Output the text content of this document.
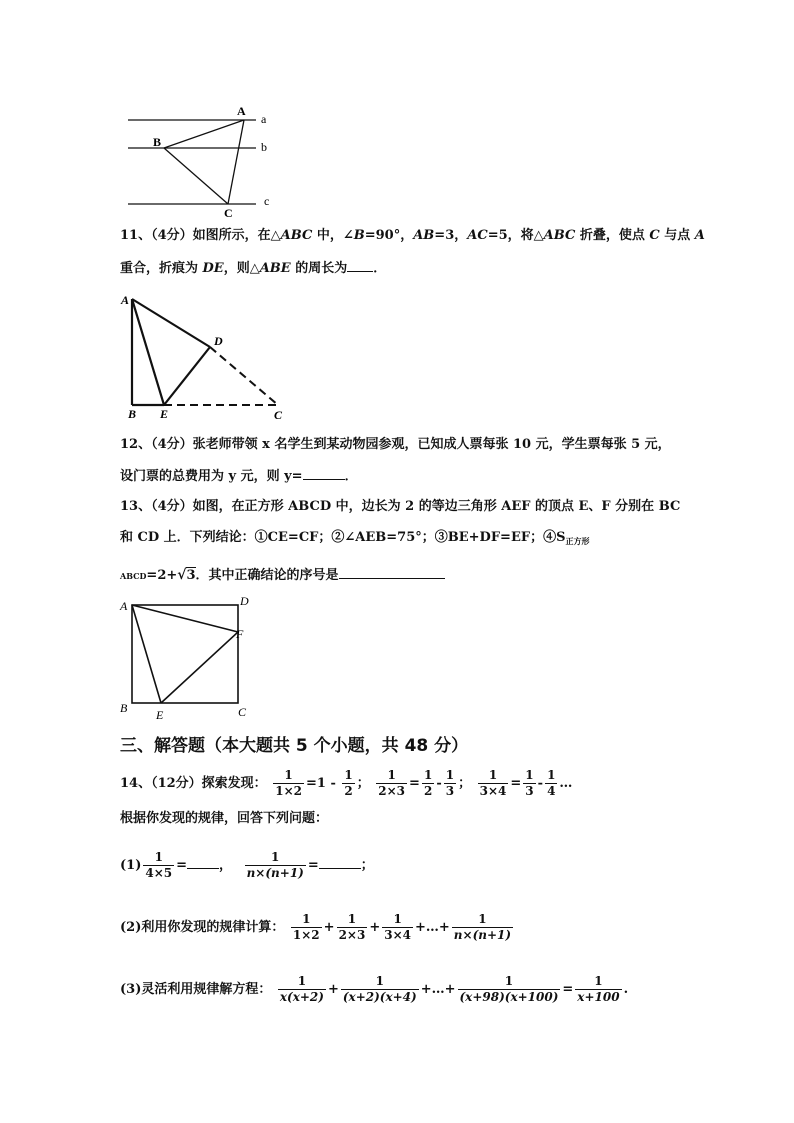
A
B
C
a
b
c
11、（4分）如图所示，在△ABC 中，∠B=90°，AB=3，AC=5，将△ABC 折叠，使点 C 与点 A
重合，折痕为 DE，则△ABE 的周长为 ．
A
B E
D
C
12、（4分）张老师带领 x 名学生到某动物园参观，已知成人票每张 10 元，学生票每张 5 元，
设门票的总费用为 y 元，则 y=	．
13、（4分）如图，在正方形 ABCD 中，边长为 2 的等边三角形 AEF 的顶点 E、F 分别在 BC
和 CD 上．下列结论：①CE=CF；②∠AEB=75°；③BE+DF=EF；$④S_{正方形}$
ABCD=2+√3．其中正确结论的序号是
A	D
F
B E	C
三、解答题（本大题共 5 个小题，共 48 分）
14、（12分）探索发现： $\frac{1}{1\times 2} =1 - \frac{1}{2}$ ； $\frac{1}{2\times 3} = \frac{1}{2} - \frac{1}{3}$ ； $\frac{1}{3\times 4} = \frac{1}{3} - \frac{1}{4}$ …
根据你发现的规律，回答下列问题：
$(1) \frac{1}{4\times 5}$ = ， $\frac{1}{n\times(n+1)}$ =	；
(2)利用你发现的规律计算： $\frac{1}{1\times 2} + \frac{1}{2\times 3} + \frac{1}{3\times 4}$ +…+ $\frac{1}{n\times(n+1)}$
(3)灵活利用规律解方程： $\frac{1}{x(x+2)} + \frac{1}{(x+2)(x+4)}$ +…+ $\frac{1}{(x+98)(x+100)} = \frac{1}{x+100}$ .
